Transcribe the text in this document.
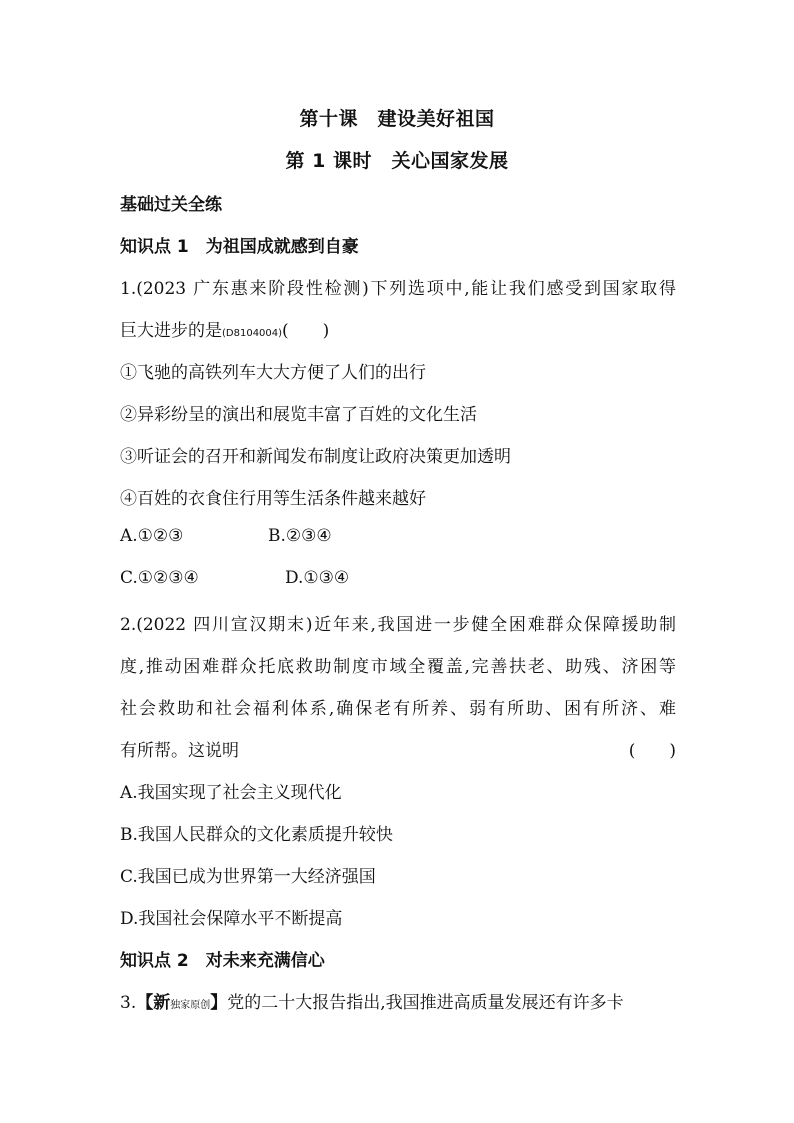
第十课　建设美好祖国
第 1 课时　关心国家发展
基础过关全练
知识点 1　为祖国成就感到自豪
1.(2023 广东惠来阶段性检测)下列选项中,能让我们感受到国家取得
巨大进步的是(D8104004)(　　)
①飞驰的高铁列车大大方便了人们的出行
②异彩纷呈的演出和展览丰富了百姓的文化生活
③听证会的召开和新闻发布制度让政府决策更加透明
④百姓的衣食住行用等生活条件越来越好
A.①②③	B.②③④
C.①②③④	D.①③④
2.(2022 四川宣汉期末)近年来,我国进一步健全困难群众保障援助制
度,推动困难群众托底救助制度市域全覆盖,完善扶老、助残、济困等
社会救助和社会福利体系,确保老有所养、弱有所助、困有所济、难
有所帮。这说明	(　　)
A.我国实现了社会主义现代化
B.我国人民群众的文化素质提升较快
C.我国已成为世界第一大经济强国
D.我国社会保障水平不断提高
知识点 2　对未来充满信心
3.【新独家原创】党的二十大报告指出,我国推进高质量发展还有许多卡
